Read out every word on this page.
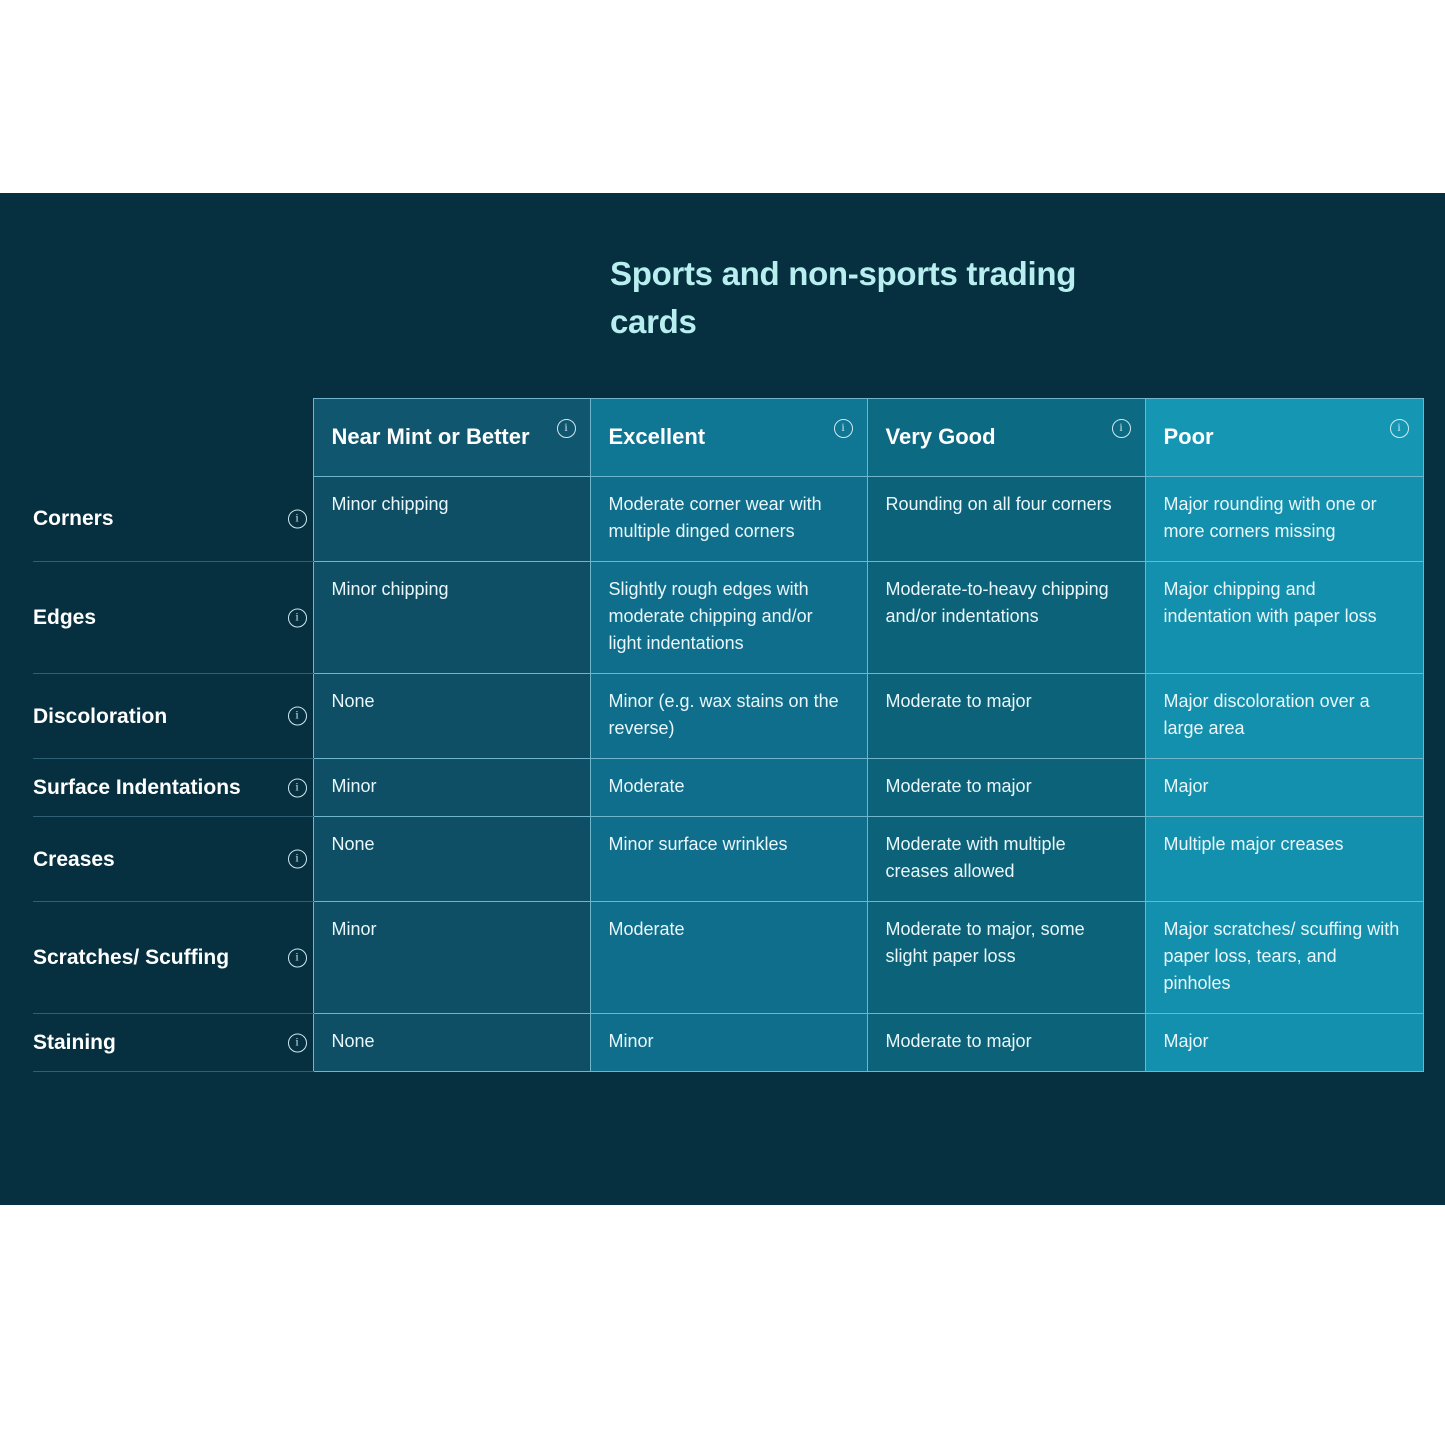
Sports and non-sports trading cards
	Near Mint or Better i	Excellent i	Very Good i	Poor i

Corners i	Minor chipping	Moderate corner wear with multiple dinged corners	Rounding on all four corners	Major rounding with one or more corners missing
Edges i	Minor chipping	Slightly rough edges with moderate chipping and/or light indentations	Moderate-to-heavy chipping and/or indentations	Major chipping and indentation with paper loss
Discoloration i	None	Minor (e.g. wax stains on the reverse)	Moderate to major	Major discoloration over a large area
Surface Indentations i	Minor	Moderate	Moderate to major	Major
Creases i	None	Minor surface wrinkles	Moderate with multiple creases allowed	Multiple major creases
Scratches/ Scuffing i	Minor	Moderate	Moderate to major, some slight paper loss	Major scratches/ scuffing with paper loss, tears, and pinholes
Staining i	None	Minor	Moderate to major	Major
